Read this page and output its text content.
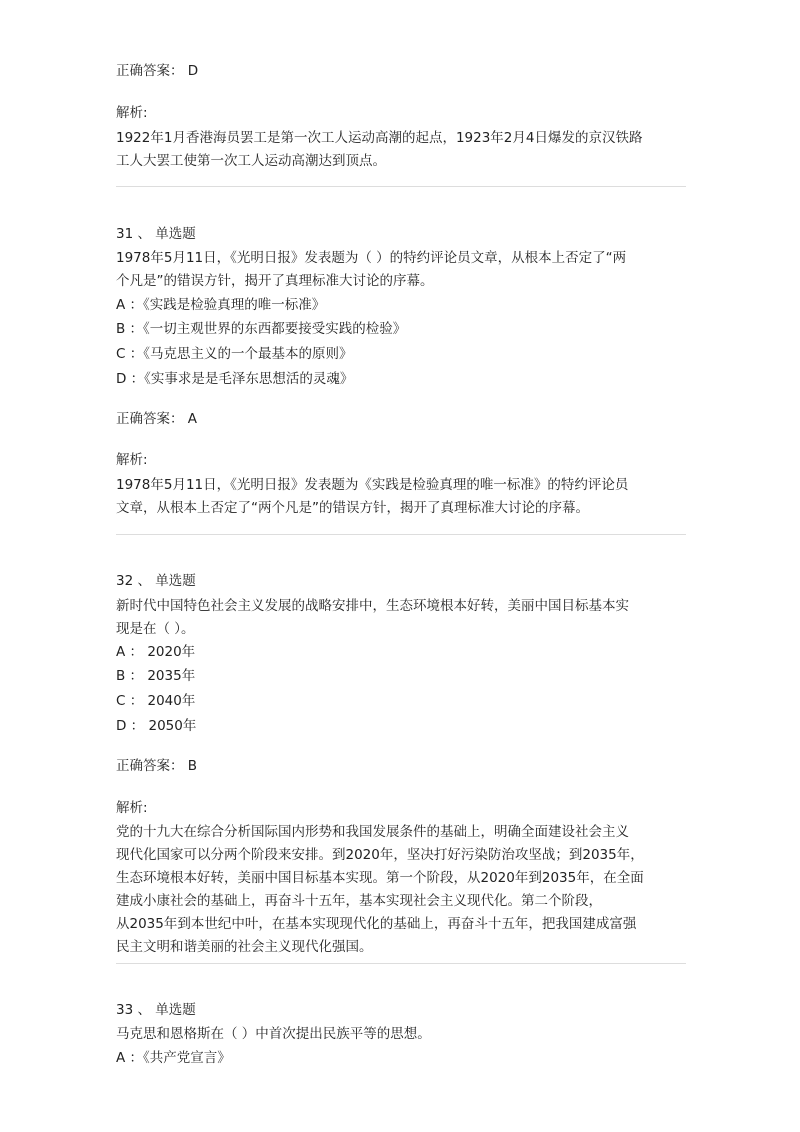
正确答案： D
解析:
1922年1月香港海员罢工是第一次工人运动高潮的起点，1923年2月4日爆发的京汉铁路
工人大罢工使第一次工人运动高潮达到顶点。
31 、 单选题
1978年5月11日，《光明日报》发表题为（ ）的特约评论员文章，从根本上否定了“两
个凡是”的错误方针，揭开了真理标准大讨论的序幕。
A ：《实践是检验真理的唯一标准》
B ：《一切主观世界的东西都要接受实践的检验》
C ：《马克思主义的一个最基本的原则》
D ：《实事求是是毛泽东思想活的灵魂》
正确答案： A
解析:
1978年5月11日，《光明日报》发表题为《实践是检验真理的唯一标准》的特约评论员
文章，从根本上否定了“两个凡是”的错误方针，揭开了真理标准大讨论的序幕。
32 、 单选题
新时代中国特色社会主义发展的战略安排中，生态环境根本好转，美丽中国目标基本实
现是在（ ）。
A ： 2020年
B ： 2035年
C ： 2040年
D ： 2050年
正确答案： B
解析:
党的十九大在综合分析国际国内形势和我国发展条件的基础上，明确全面建设社会主义
现代化国家可以分两个阶段来安排。到2020年，坚决打好污染防治攻坚战；到2035年，
生态环境根本好转，美丽中国目标基本实现。第一个阶段，从2020年到2035年，在全面
建成小康社会的基础上，再奋斗十五年，基本实现社会主义现代化。第二个阶段，
从2035年到本世纪中叶，在基本实现现代化的基础上，再奋斗十五年，把我国建成富强
民主文明和谐美丽的社会主义现代化强国。
33 、 单选题
马克思和恩格斯在（ ）中首次提出民族平等的思想。
A ：《共产党宣言》
